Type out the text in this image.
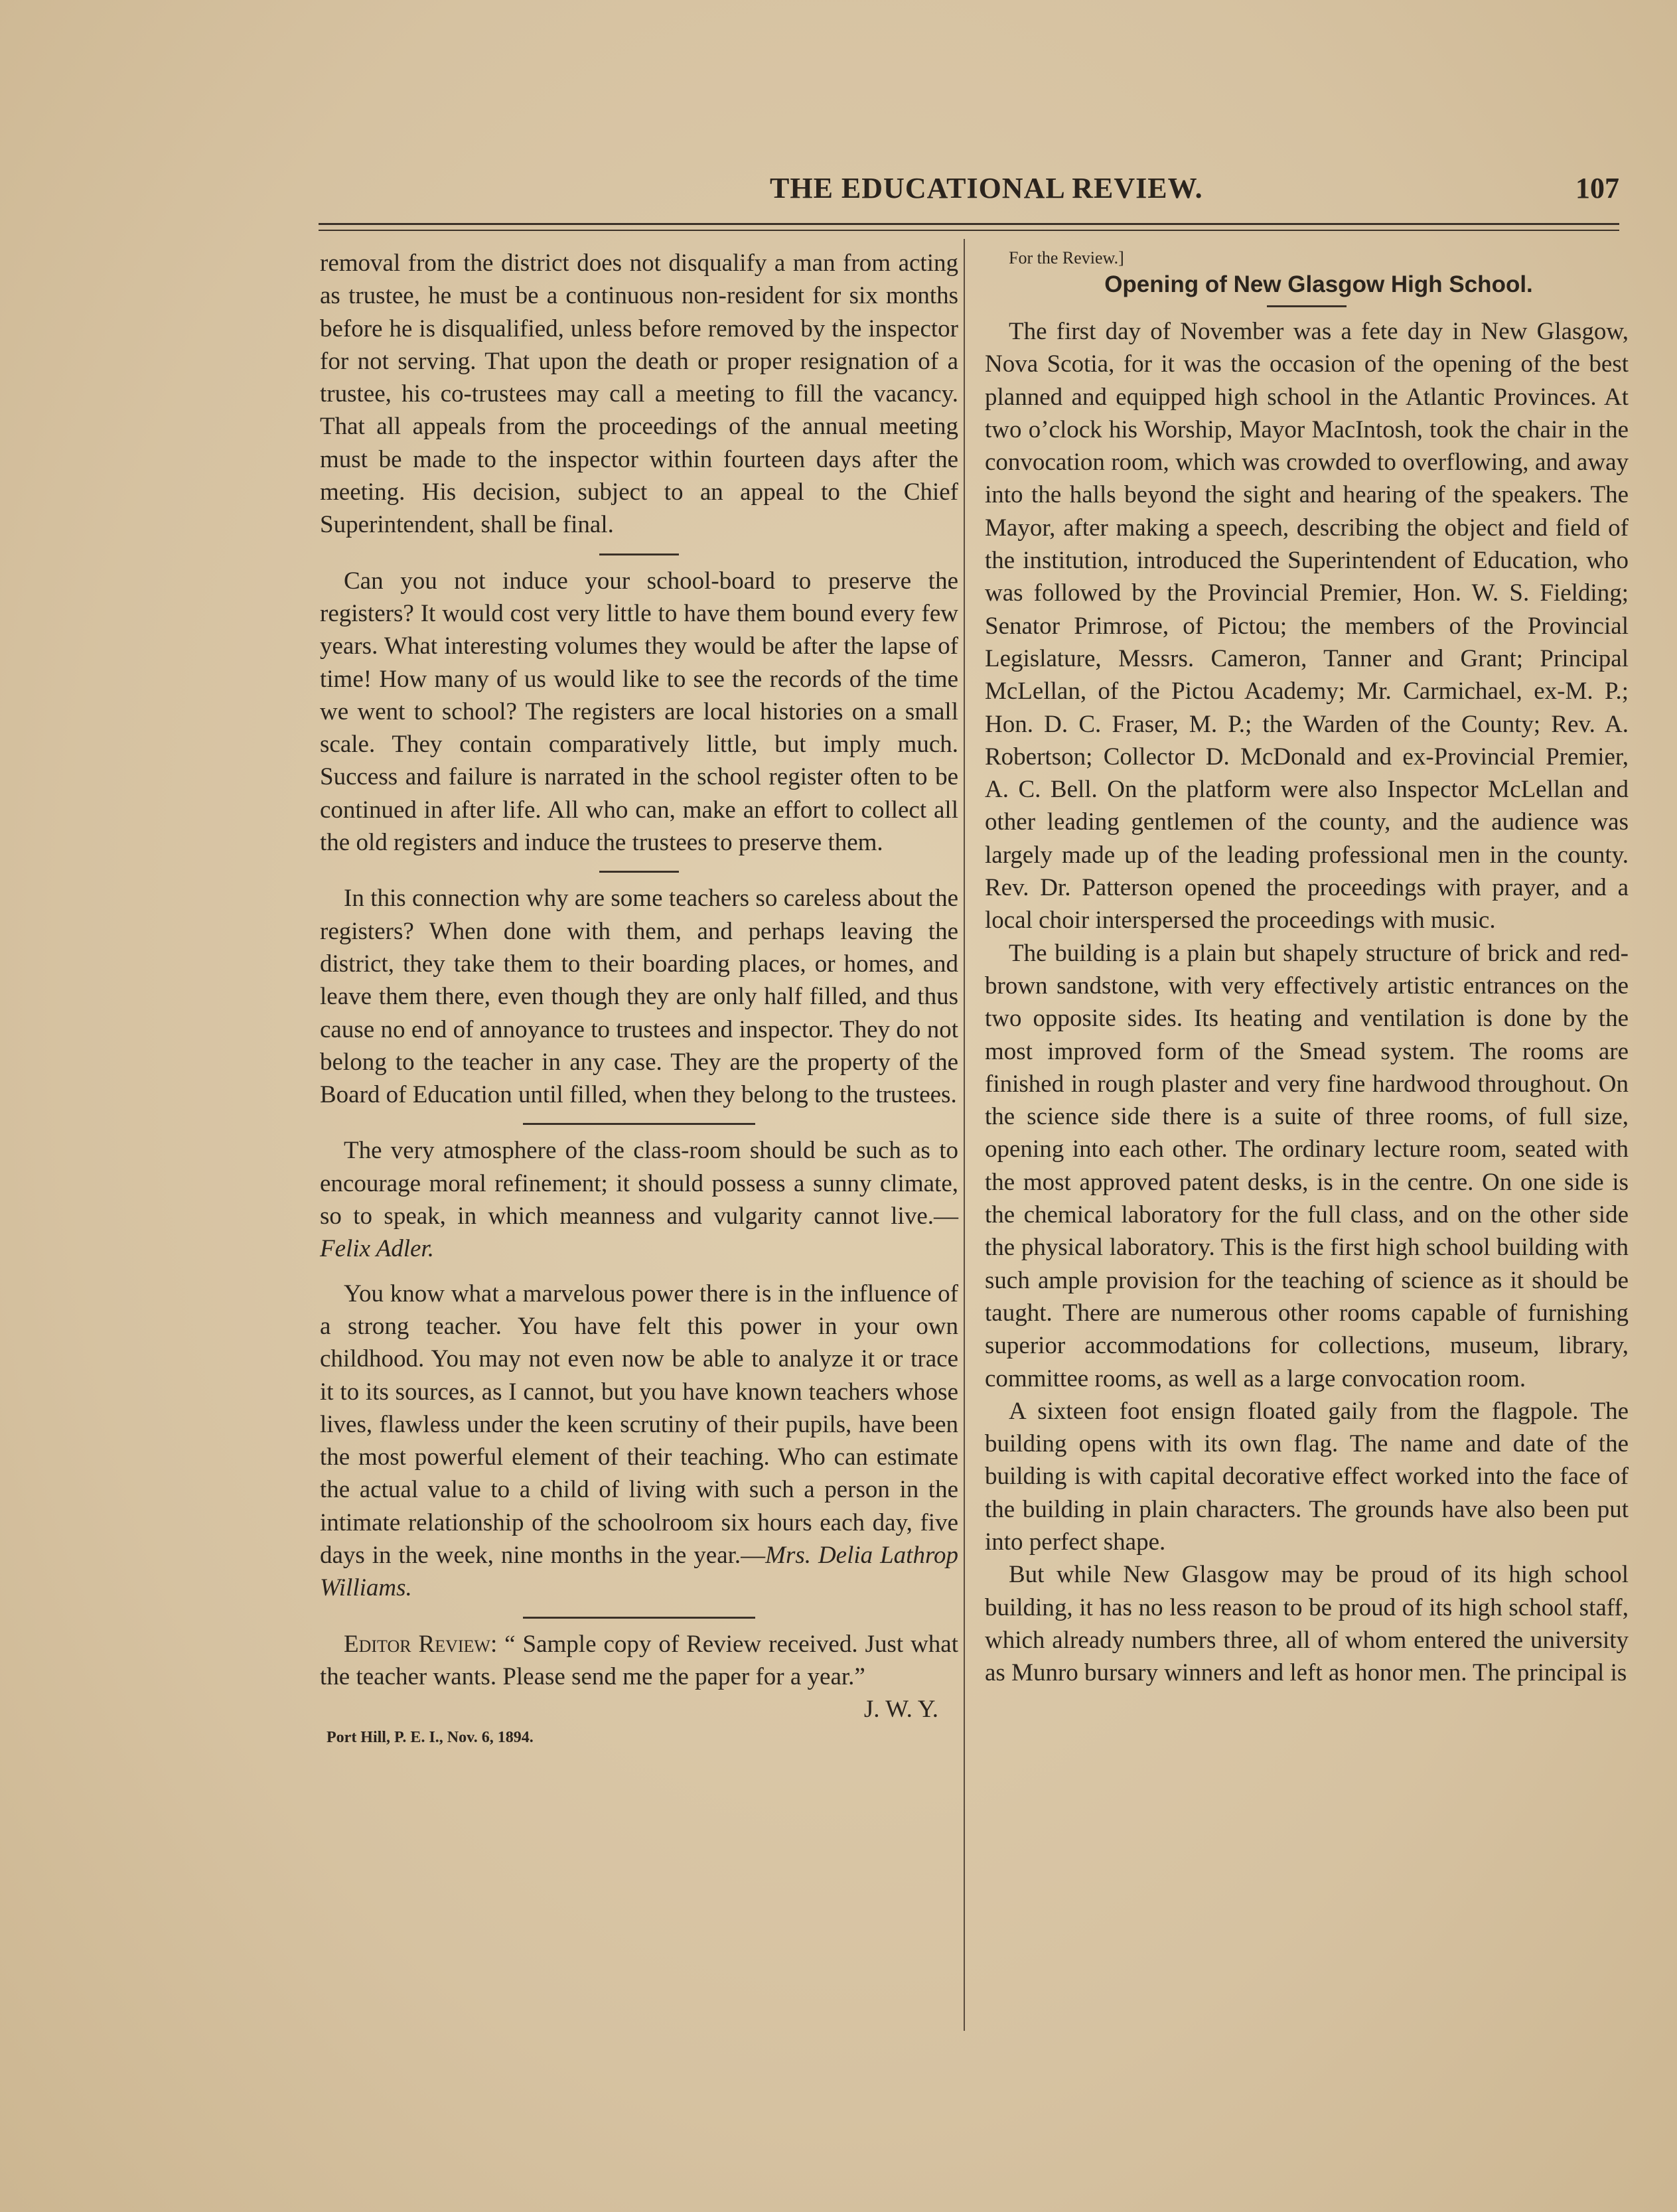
THE EDUCATIONAL REVIEW.	107

removal from the district does not disqualify a man from acting as trustee, he must be a continuous non-resident for six months before he is disqualified, unless before removed by the inspector for not serving. That upon the death or proper resignation of a trustee, his co-trustees may call a meeting to fill the vacancy. That all appeals from the proceedings of the annual meeting must be made to the inspector within fourteen days after the meeting. His decision, subject to an appeal to the Chief Superintendent, shall be final.

Can you not induce your school-board to preserve the registers? It would cost very little to have them bound every few years. What interesting volumes they would be after the lapse of time! How many of us would like to see the records of the time we went to school? The registers are local histories on a small scale. They contain comparatively little, but imply much. Success and failure is narrated in the school register often to be continued in after life. All who can, make an effort to collect all the old registers and induce the trustees to preserve them.

In this connection why are some teachers so careless about the registers? When done with them, and perhaps leaving the district, they take them to their boarding places, or homes, and leave them there, even though they are only half filled, and thus cause no end of annoyance to trustees and inspector. They do not belong to the teacher in any case. They are the property of the Board of Education until filled, when they belong to the trustees.

The very atmosphere of the class-room should be such as to encourage moral refinement; it should possess a sunny climate, so to speak, in which meanness and vulgarity cannot live.—Felix Adler.

You know what a marvelous power there is in the influence of a strong teacher. You have felt this power in your own childhood. You may not even now be able to analyze it or trace it to its sources, as I cannot, but you have known teachers whose lives, flawless under the keen scrutiny of their pupils, have been the most powerful element of their teaching. Who can estimate the actual value to a child of living with such a person in the intimate relationship of the schoolroom six hours each day, five days in the week, nine months in the year.—Mrs. Delia Lathrop Williams.

Editor Review: “ Sample copy of Review received. Just what the teacher wants. Please send me the paper for a year.”

J. W. Y.
Port Hill, P. E. I., Nov. 6, 1894.

For the Review.]

Opening of New Glasgow High School.

The first day of November was a fete day in New Glasgow, Nova Scotia, for it was the occasion of the opening of the best planned and equipped high school in the Atlantic Provinces. At two o’clock his Worship, Mayor MacIntosh, took the chair in the convocation room, which was crowded to overflowing, and away into the halls beyond the sight and hearing of the speakers. The Mayor, after making a speech, describing the object and field of the institution, introduced the Superintendent of Education, who was followed by the Provincial Premier, Hon. W. S. Fielding; Senator Primrose, of Pictou; the members of the Provincial Legislature, Messrs. Cameron, Tanner and Grant; Principal McLellan, of the Pictou Academy; Mr. Carmichael, ex-M. P.; Hon. D. C. Fraser, M. P.; the Warden of the County; Rev. A. Robertson; Collector D. McDonald and ex-Provincial Premier, A. C. Bell. On the platform were also Inspector McLellan and other leading gentlemen of the county, and the audience was largely made up of the leading professional men in the county. Rev. Dr. Patterson opened the proceedings with prayer, and a local choir interspersed the proceedings with music.

The building is a plain but shapely structure of brick and red-brown sandstone, with very effectively artistic entrances on the two opposite sides. Its heating and ventilation is done by the most improved form of the Smead system. The rooms are finished in rough plaster and very fine hardwood throughout. On the science side there is a suite of three rooms, of full size, opening into each other. The ordinary lecture room, seated with the most approved patent desks, is in the centre. On one side is the chemical laboratory for the full class, and on the other side the physical laboratory. This is the first high school building with such ample provision for the teaching of science as it should be taught. There are numerous other rooms capable of furnishing superior accommodations for collections, museum, library, committee rooms, as well as a large convocation room.

A sixteen foot ensign floated gaily from the flagpole. The building opens with its own flag. The name and date of the building is with capital decorative effect worked into the face of the building in plain characters. The grounds have also been put into perfect shape.

But while New Glasgow may be proud of its high school building, it has no less reason to be proud of its high school staff, which already numbers three, all of whom entered the university as Munro bursary winners and left as honor men. The principal is
